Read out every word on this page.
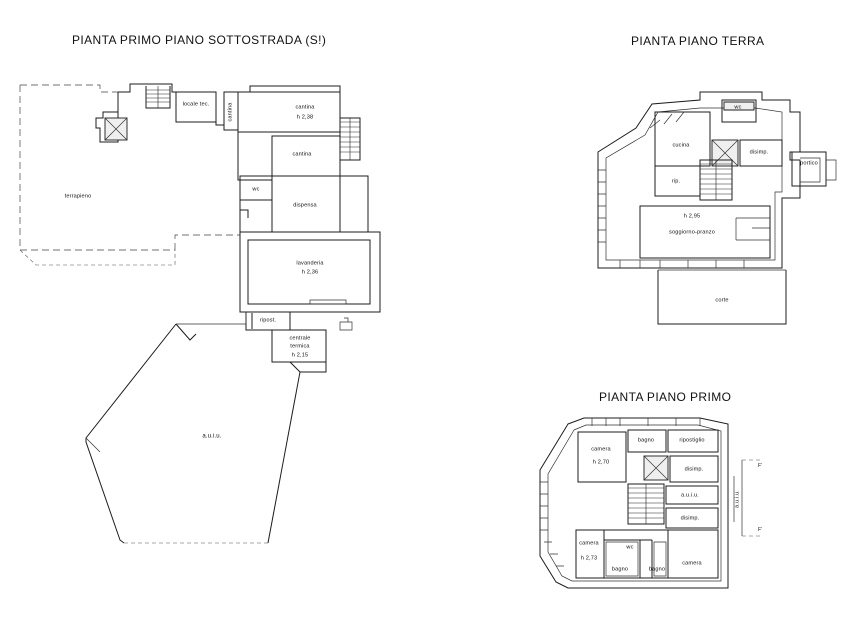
PIANTA PRIMO PIANO SOTTOSTRADA (S!)	PIANTA PIANO TERRA
PIANTA PIANO PRIMO
terrapieno
locale tec.	cantina	cantina
h 2,38
cantina
wc
dispensa
lavanderia
h 2,36
ripost.
centrale
termica
h 2,15
a.u.i.u.
wc
cucina
disimp.
portico
rip.
h 2,95
soggiorno-pranzo
corte
camera
h 2,70
bagno	ripostiglio
disimp.
a.u.i.u.
disimp.
camera
h 2,73
bagno
wc
bagno
camera
a.u.i.u.
F'
F'
